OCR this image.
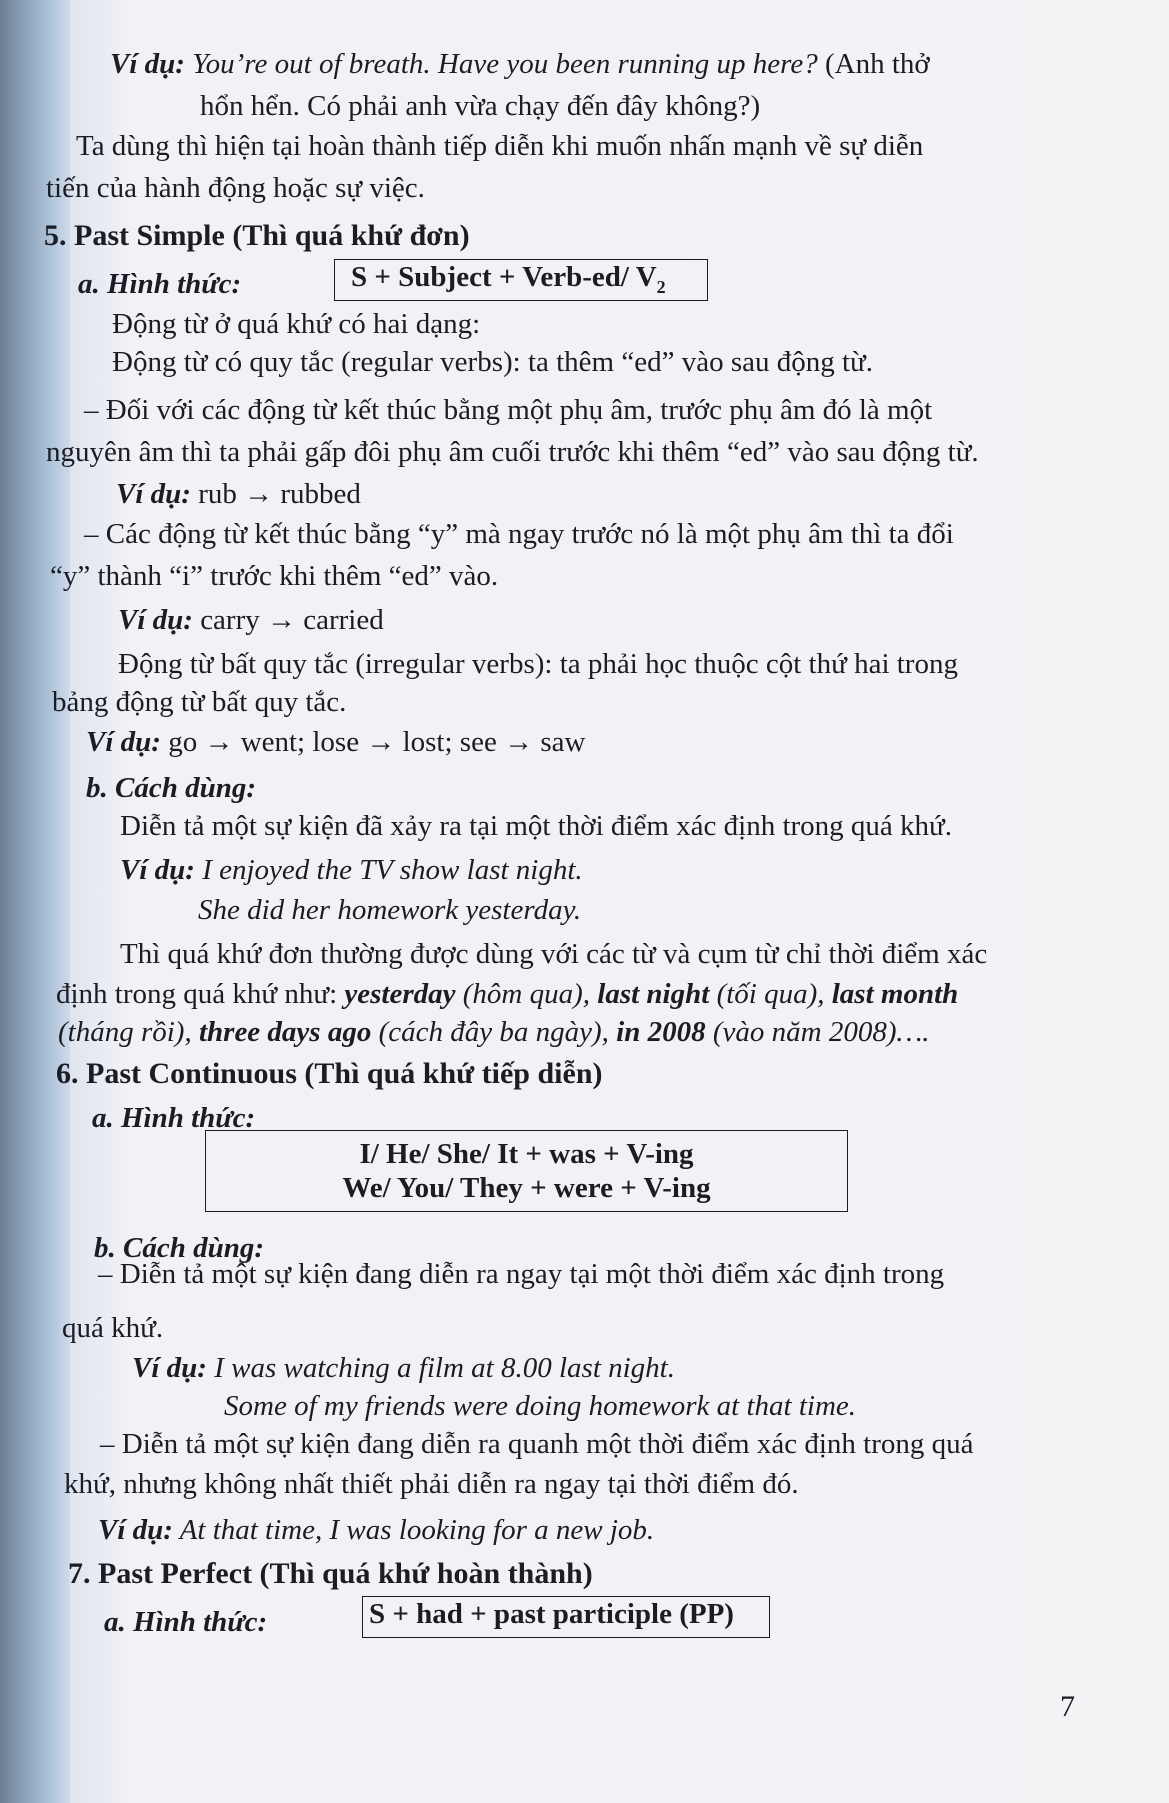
Ví dụ: You’re out of breath. Have you been running up here? (Anh thở
hổn hển. Có phải anh vừa chạy đến đây không?)
Ta dùng thì hiện tại hoàn thành tiếp diễn khi muốn nhấn mạnh về sự diễn
tiến của hành động hoặc sự việc.
5. Past Simple (Thì quá khứ đơn)
a. Hình thức:	S + Subject + Verb-ed/ $V_2$
Động từ ở quá khứ có hai dạng:
Động từ có quy tắc (regular verbs): ta thêm “ed” vào sau động từ.
– Đối với các động từ kết thúc bằng một phụ âm, trước phụ âm đó là một
nguyên âm thì ta phải gấp đôi phụ âm cuối trước khi thêm “ed” vào sau động từ.
Ví dụ: rub → rubbed
– Các động từ kết thúc bằng “y” mà ngay trước nó là một phụ âm thì ta đổi
“y” thành “i” trước khi thêm “ed” vào.
Ví dụ: carry → carried
Động từ bất quy tắc (irregular verbs): ta phải học thuộc cột thứ hai trong
bảng động từ bất quy tắc.
Ví dụ: go → went; lose → lost; see → saw
b. Cách dùng:
Diễn tả một sự kiện đã xảy ra tại một thời điểm xác định trong quá khứ.
Ví dụ: I enjoyed the TV show last night.
She did her homework yesterday.
Thì quá khứ đơn thường được dùng với các từ và cụm từ chỉ thời điểm xác
định trong quá khứ như: yesterday (hôm qua), last night (tối qua), last month
(tháng rồi), three days ago (cách đây ba ngày), in 2008 (vào năm 2008)….
6. Past Continuous (Thì quá khứ tiếp diễn)
a. Hình thức:
I/ He/ She/ It + was + V-ing
We/ You/ They + were + V-ing
b. Cách dùng:
– Diễn tả một sự kiện đang diễn ra ngay tại một thời điểm xác định trong
quá khứ.
Ví dụ: I was watching a film at 8.00 last night.
Some of my friends were doing homework at that time.
– Diễn tả một sự kiện đang diễn ra quanh một thời điểm xác định trong quá
khứ, nhưng không nhất thiết phải diễn ra ngay tại thời điểm đó.
Ví dụ: At that time, I was looking for a new job.
7. Past Perfect (Thì quá khứ hoàn thành)
a. Hình thức:	S + had + past participle (PP)
7
